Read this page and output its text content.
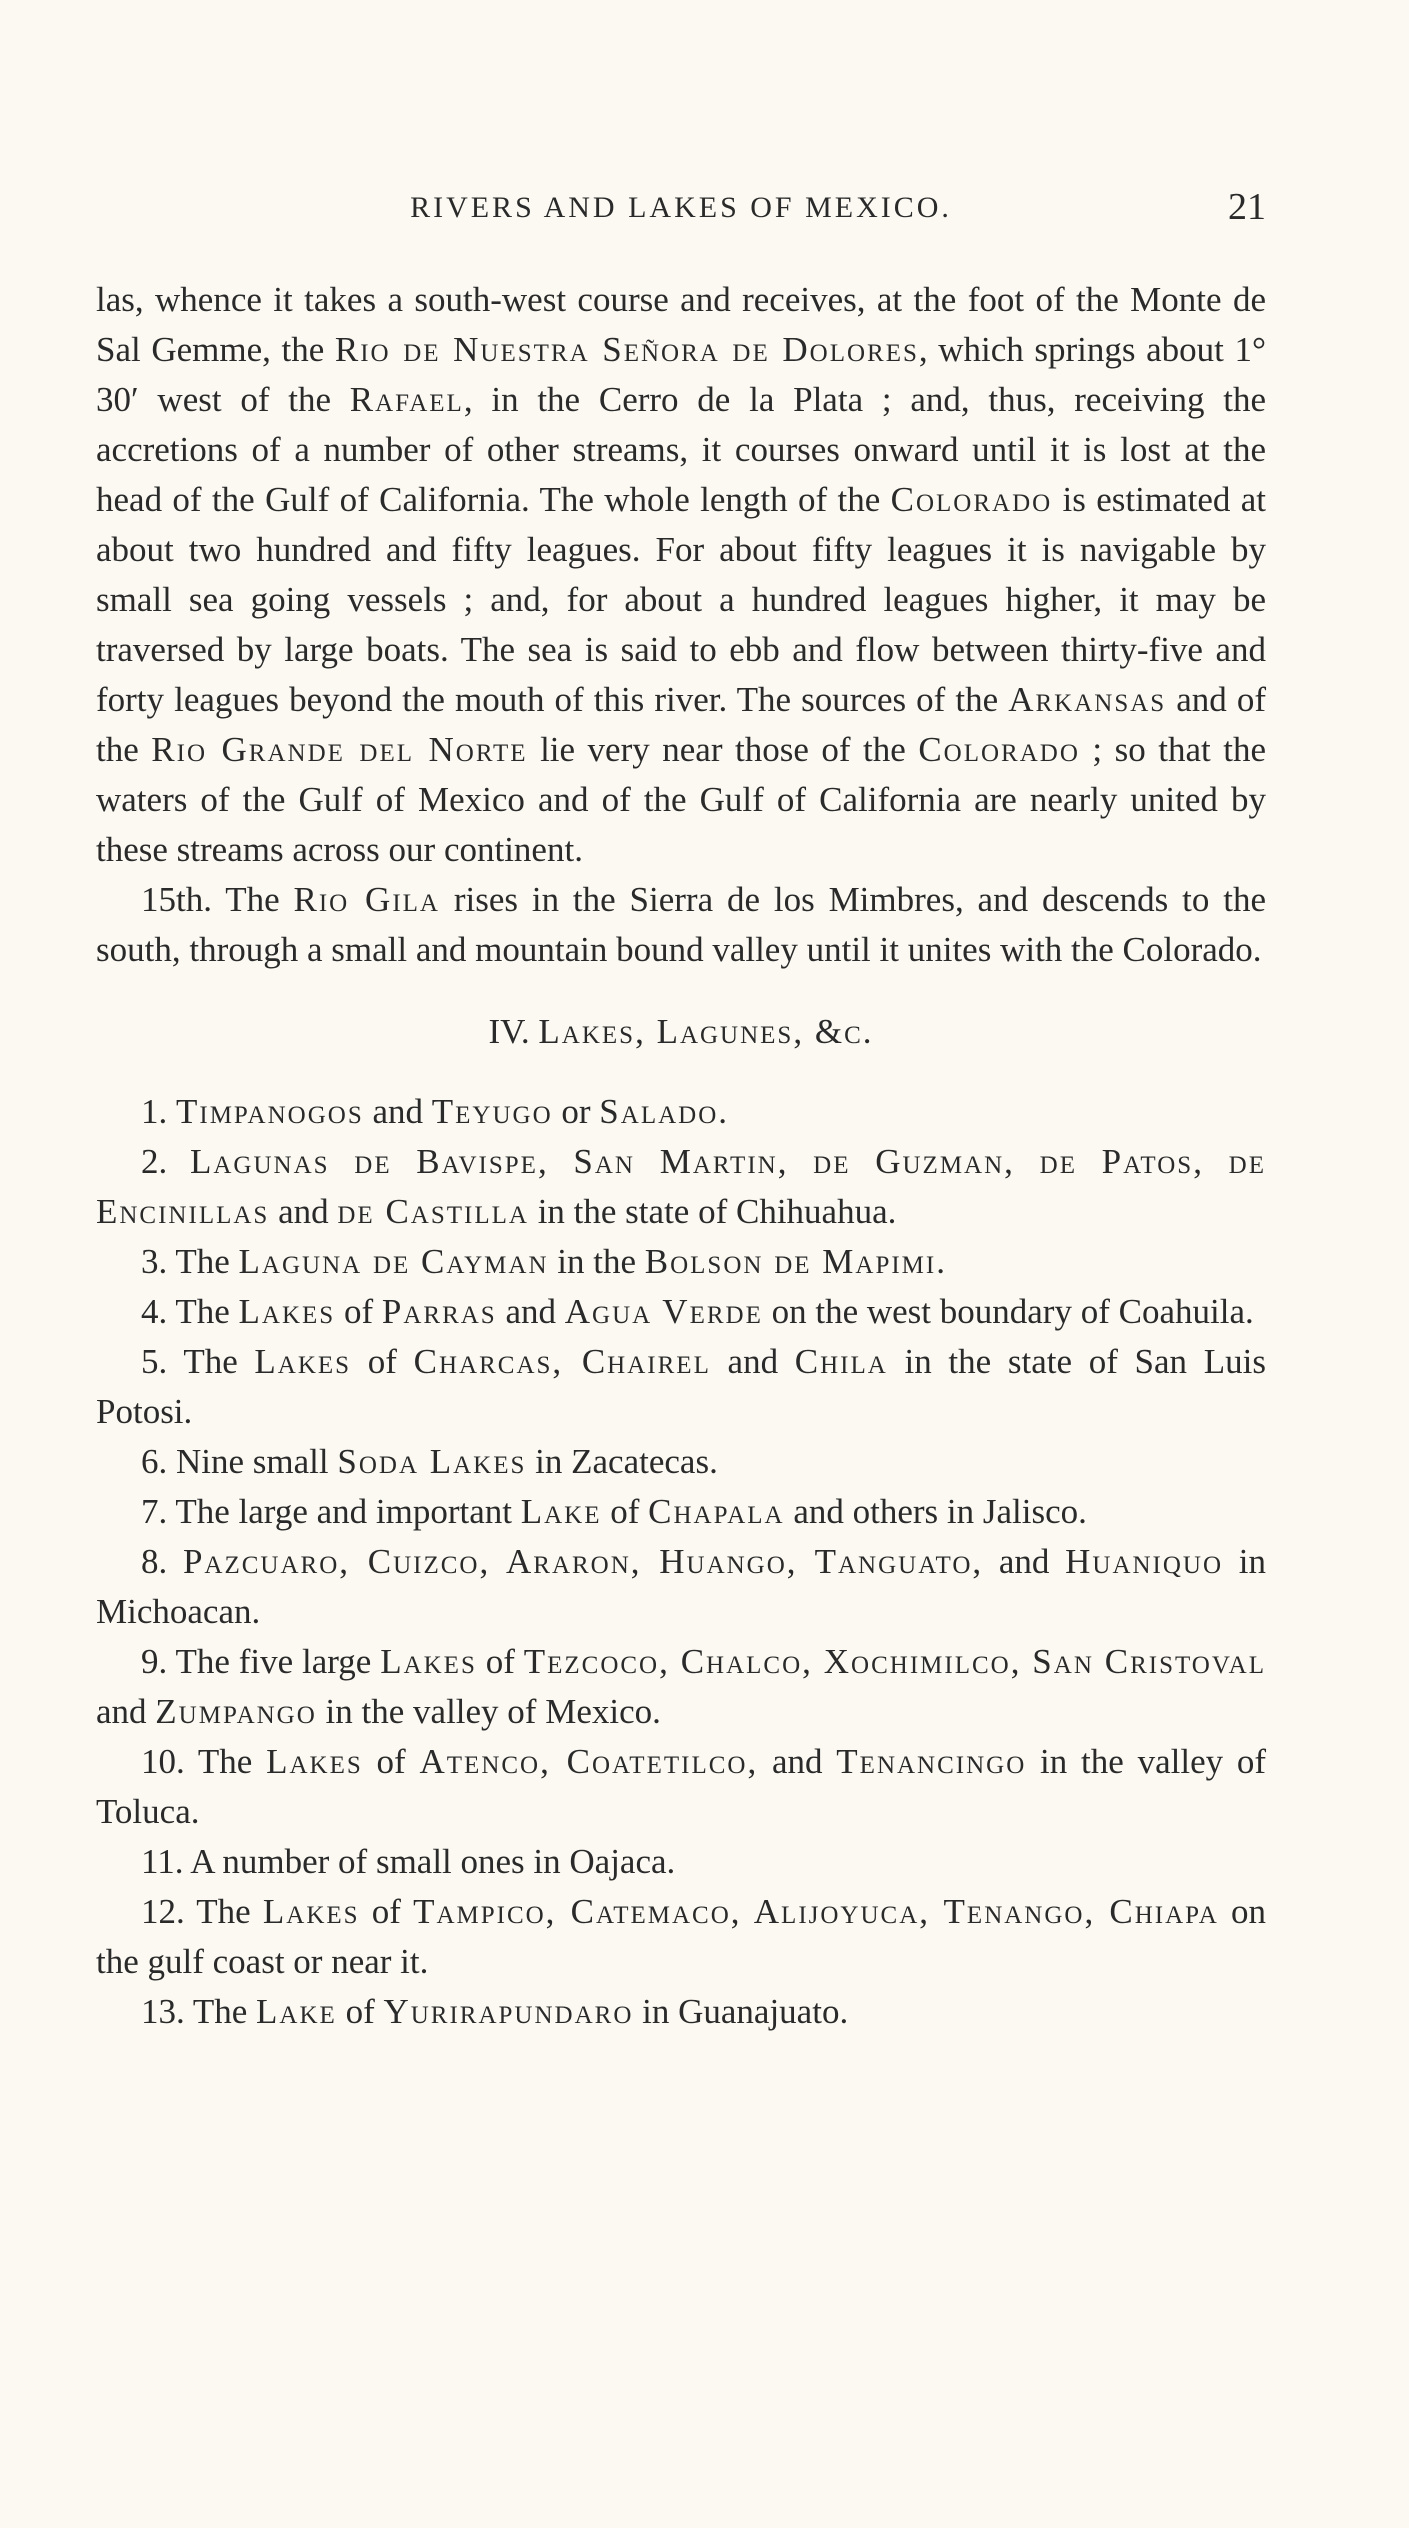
RIVERS AND LAKES OF MEXICO.	21

las, whence it takes a south-west course and receives, at the foot of the Monte de Sal Gemme, the Rio de Nuestra Señora de Dolores, which springs about 1° 30′ west of the Rafael, in the Cerro de la Plata ; and, thus, receiving the accretions of a number of other streams, it courses onward until it is lost at the head of the Gulf of California. The whole length of the Colorado is estimated at about two hundred and fifty leagues. For about fifty leagues it is navigable by small sea going vessels ; and, for about a hundred leagues higher, it may be traversed by large boats. The sea is said to ebb and flow between thirty-five and forty leagues beyond the mouth of this river. The sources of the Arkansas and of the Rio Grande del Norte lie very near those of the Colorado ; so that the waters of the Gulf of Mexico and of the Gulf of California are nearly united by these streams across our continent.

15th. The Rio Gila rises in the Sierra de los Mimbres, and descends to the south, through a small and mountain bound valley until it unites with the Colorado.

IV. Lakes, Lagunes, &c.

1. Timpanogos and Teyugo or Salado.

2. Lagunas de Bavispe, San Martin, de Guzman, de Patos, de Encinillas and de Castilla in the state of Chihuahua.

3. The Laguna de Cayman in the Bolson de Mapimi.

4. The Lakes of Parras and Agua Verde on the west boundary of Coahuila.

5. The Lakes of Charcas, Chairel and Chila in the state of San Luis Potosi.

6. Nine small Soda Lakes in Zacatecas.

7. The large and important Lake of Chapala and others in Jalisco.

8. Pazcuaro, Cuizco, Araron, Huango, Tanguato, and Huaniquo in Michoacan.

9. The five large Lakes of Tezcoco, Chalco, Xochimilco, San Cristoval and Zumpango in the valley of Mexico.

10. The Lakes of Atenco, Coatetilco, and Tenancingo in the valley of Toluca.

11. A number of small ones in Oajaca.

12. The Lakes of Tampico, Catemaco, Alijoyuca, Tenango, Chiapa on the gulf coast or near it.

13. The Lake of Yurirapundaro in Guanajuato.
